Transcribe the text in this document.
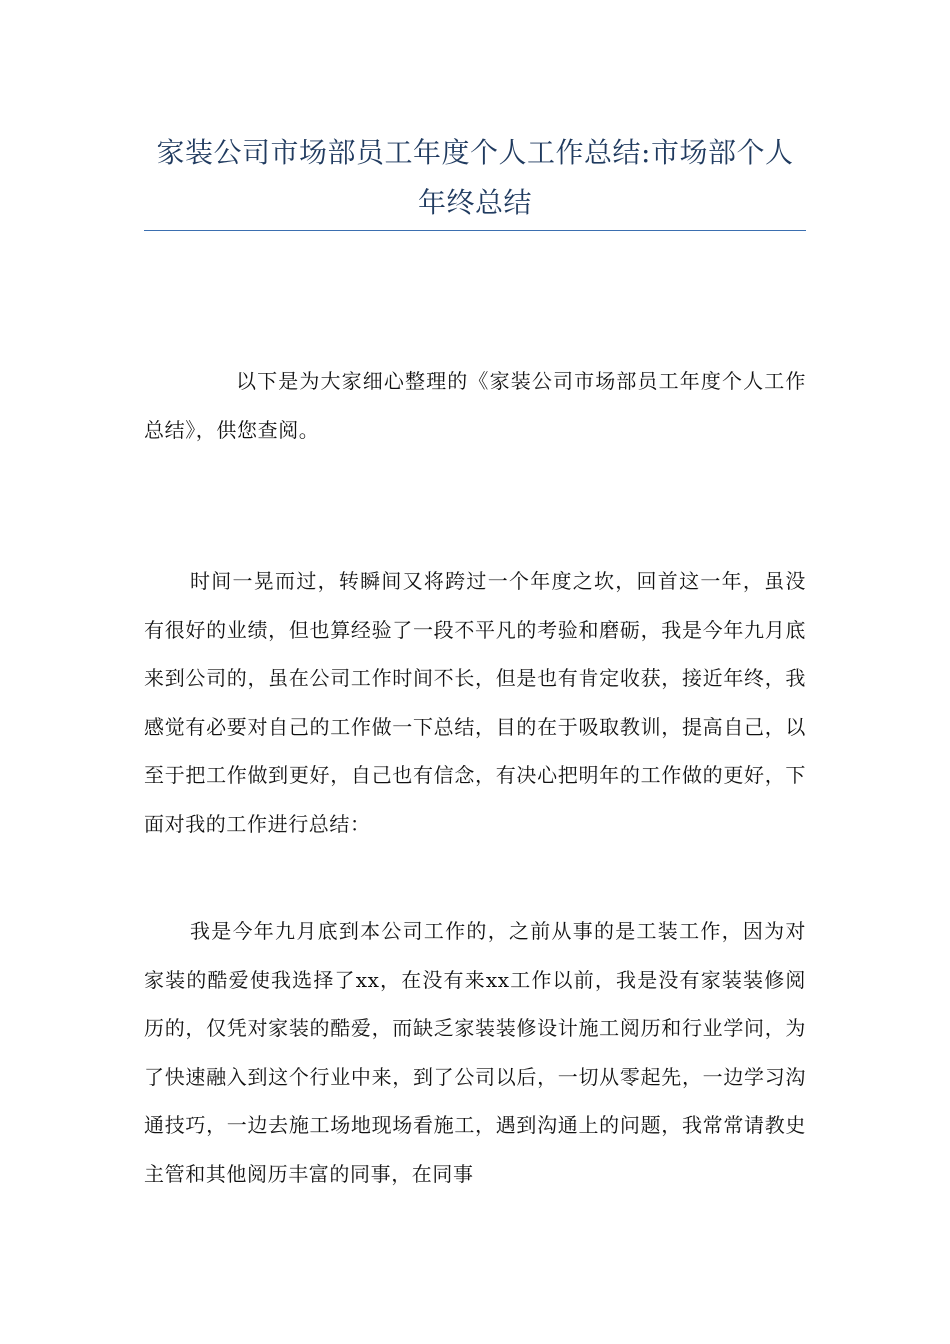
家装公司市场部员工年度个人工作总结:市场部个人年终总结

以下是为大家细心整理的《家装公司市场部员工年度个人工作总结》，供您查阅。

时间一晃而过，转瞬间又将跨过一个年度之坎，回首这一年，虽没有很好的业绩，但也算经验了一段不平凡的考验和磨砺，我是今年九月底来到公司的，虽在公司工作时间不长，但是也有肯定收获，接近年终，我感觉有必要对自己的工作做一下总结，目的在于吸取教训，提高自己，以至于把工作做到更好，自己也有信念，有决心把明年的工作做的更好，下面对我的工作进行总结：

我是今年九月底到本公司工作的，之前从事的是工装工作，因为对家装的酷爱使我选择了xx，在没有来xx工作以前，我是没有家装装修阅历的，仅凭对家装的酷爱，而缺乏家装装修设计施工阅历和行业学问，为了快速融入到这个行业中来，到了公司以后，一切从零起先，一边学习沟通技巧，一边去施工场地现场看施工，遇到沟通上的问题，我常常请教史主管和其他阅历丰富的同事，在同事
